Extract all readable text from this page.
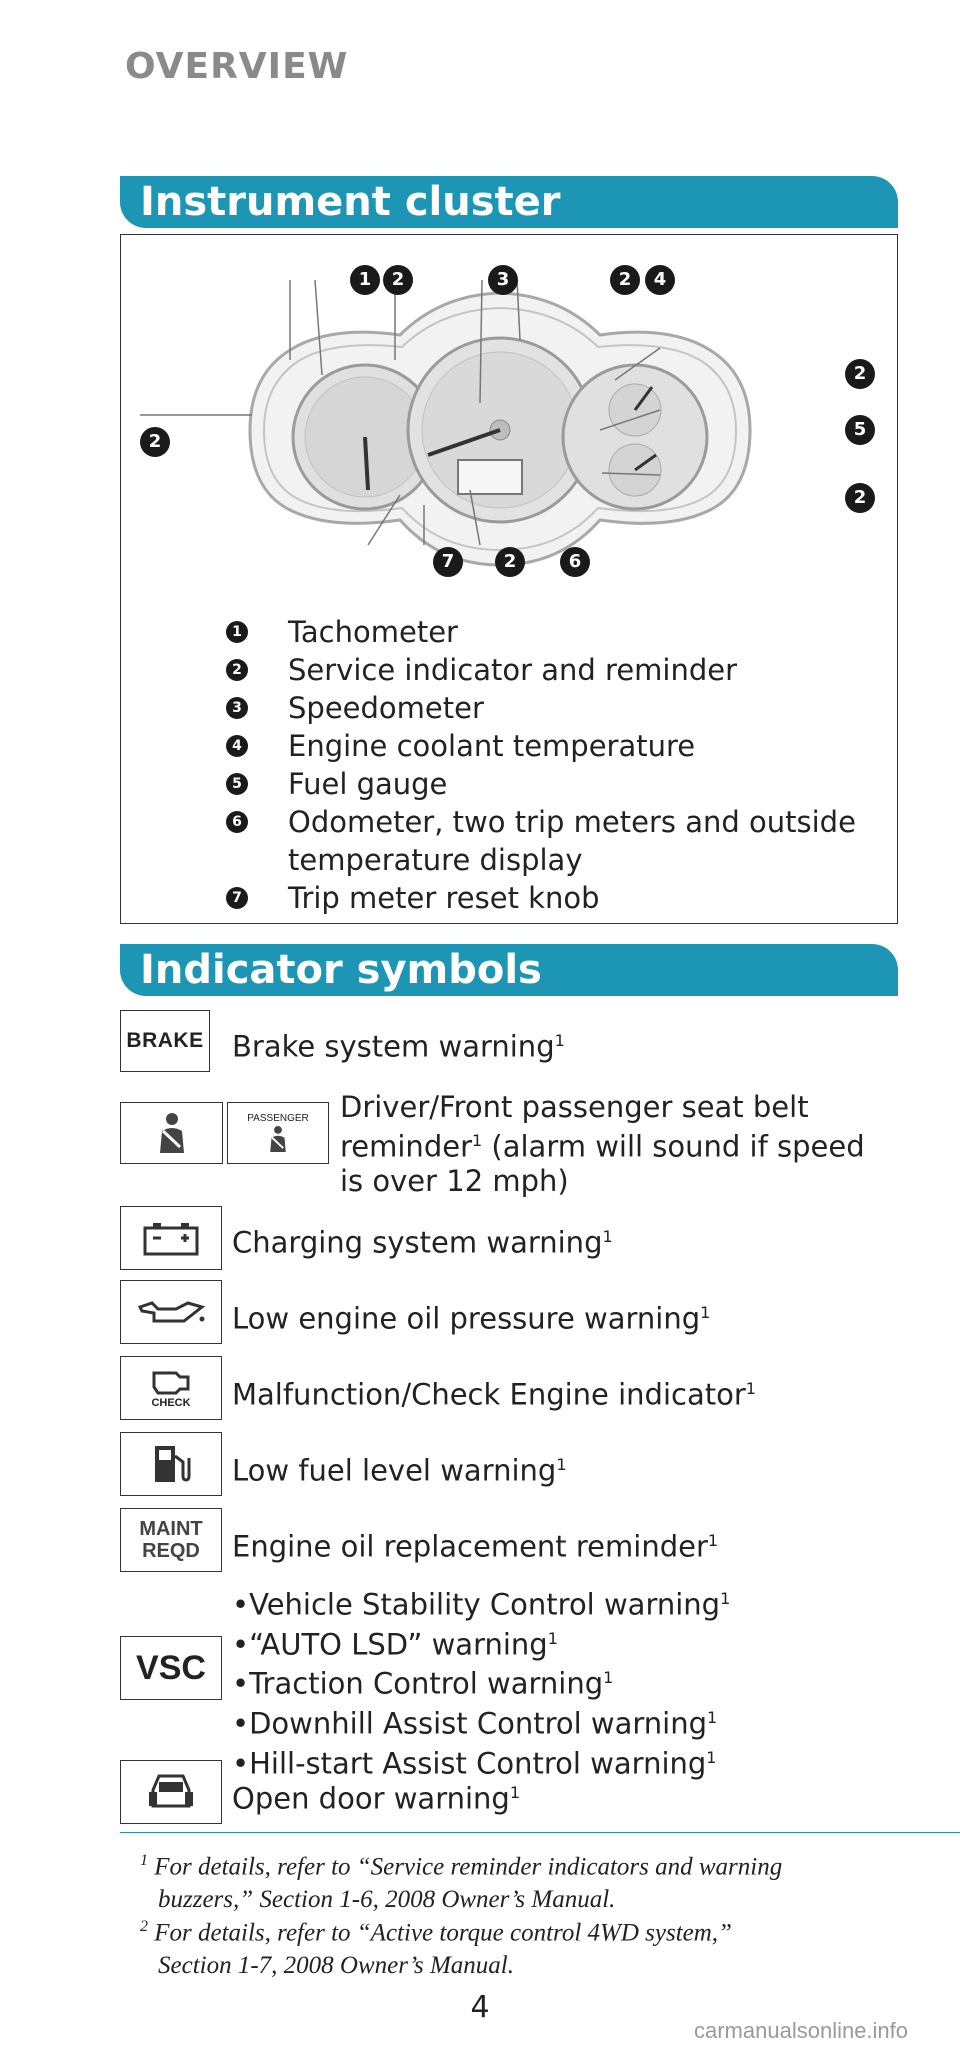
OVERVIEW
Instrument cluster
1	2	3	2	4
2
5
2
2
7	2	6
1 Tachometer
2 Service indicator and reminder
3 Speedometer
4 Engine coolant temperature
5 Fuel gauge
6 Odometer, two trip meters and outside
temperature display
7 Trip meter reset knob
Indicator symbols
BRAKE Brake system warning$^1$
PASSENGER Driver/Front passenger seat belt
reminder$^1$ (alarm will sound if speed
is over 12 mph)
Charging system warning$^1$
Low engine oil pressure warning$^1$
CHECK Malfunction/Check Engine indicator$^1$
Low fuel level warning$^1$
MAINT
REQD Engine oil replacement reminder$^1$
VSC
•Vehicle Stability Control warning$^1$
•“AUTO LSD” warning$^1$
•Traction Control warning$^1$
•Downhill Assist Control warning$^1$
•Hill-start Assist Control warning$^1$
Open door warning$^1$
$^1$ For details, refer to “Service reminder indicators and warning
buzzers,” Section 1-6, 2008 Owner’s Manual.
$^2$ For details, refer to “Active torque control 4WD system,”
Section 1-7, 2008 Owner’s Manual.
4
carmanualsonline.info
